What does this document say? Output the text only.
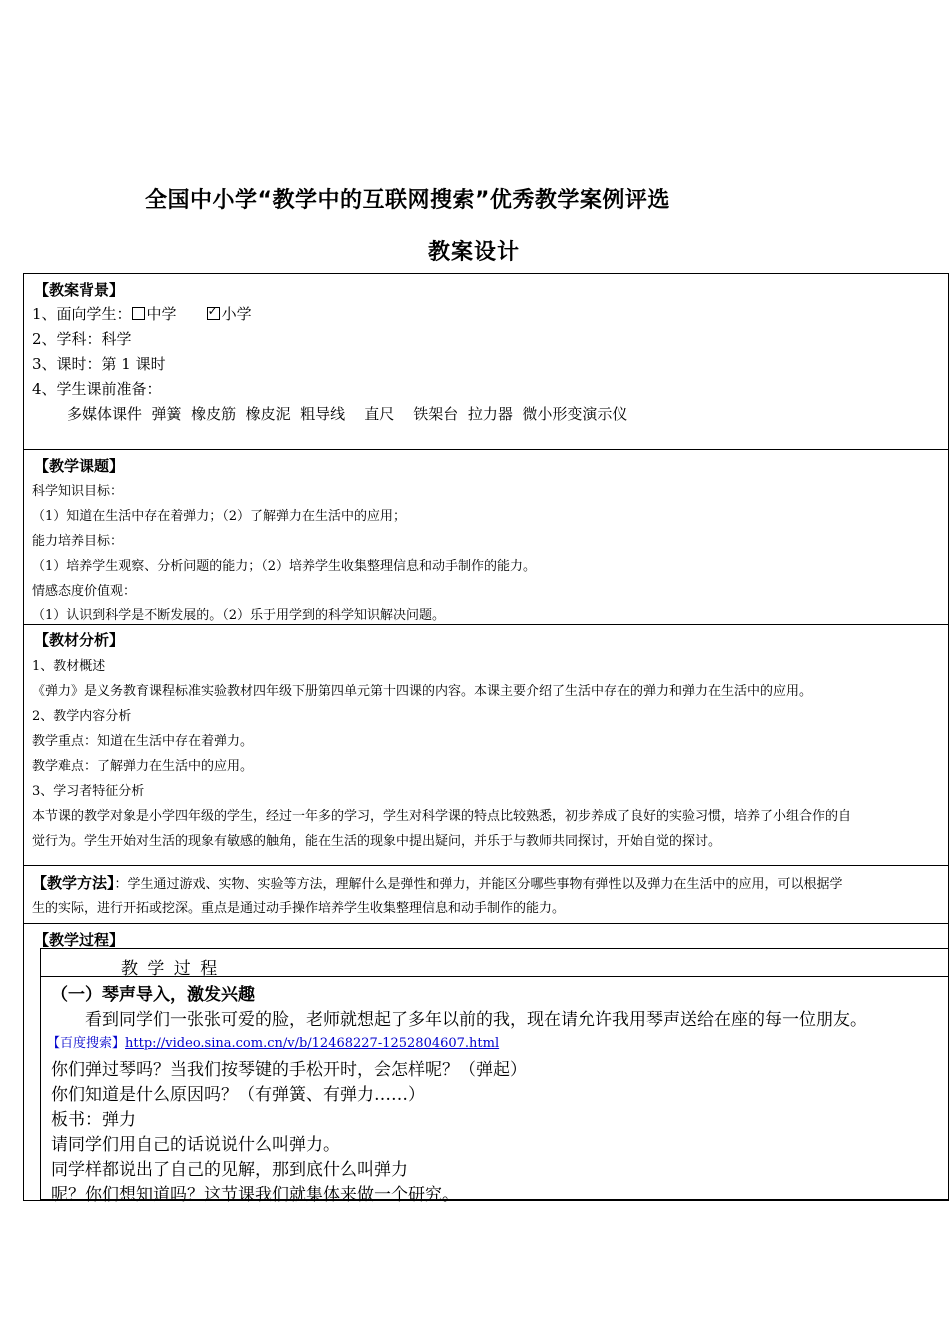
全国中小学“教学中的互联网搜索”优秀教学案例评选
教案设计
【教案背景】
1、面向学生： 中学	✓ 小学
2、学科：科学
3、课时：第 1 课时
4、学生课前准备：
多媒体课件  弹簧  橡皮筋  橡皮泥  粗导线    直尺    铁架台  拉力器  微小形变演示仪
【教学课题】
科学知识目标：
（1）知道在生活中存在着弹力；（2）了解弹力在生活中的应用；
能力培养目标：
（1）培养学生观察、分析问题的能力；（2）培养学生收集整理信息和动手制作的能力。
情感态度价值观：
（1）认识到科学是不断发展的。（2）乐于用学到的科学知识解决问题。
【教材分析】
1、教材概述
《弹力》是义务教育课程标准实验教材四年级下册第四单元第十四课的内容。本课主要介绍了生活中存在的弹力和弹力在生活中的应用。
2、教学内容分析
教学重点：知道在生活中存在着弹力。
教学难点：了解弹力在生活中的应用。
3、学习者特征分析
本节课的教学对象是小学四年级的学生，经过一年多的学习，学生对科学课的特点比较熟悉，初步养成了良好的实验习惯，培养了小组合作的自
觉行为。学生开始对生活的现象有敏感的触角，能在生活的现象中提出疑问，并乐于与教师共同探讨，开始自觉的探讨。
【教学方法】：学生通过游戏、实物、实验等方法，理解什么是弹性和弹力，并能区分哪些事物有弹性以及弹力在生活中的应用，可以根据学
生的实际，进行开拓或挖深。重点是通过动手操作培养学生收集整理信息和动手制作的能力。
【教学过程】
教 学 过 程
（一）琴声导入，激发兴趣
看到同学们一张张可爱的脸，老师就想起了多年以前的我，现在请允许我用琴声送给在座的每一位朋友。
【百度搜索】http://video.sina.com.cn/v/b/12468227-1252804607.html
你们弹过琴吗？当我们按琴键的手松开时，会怎样呢？（弹起）
你们知道是什么原因吗？（有弹簧、有弹力……）
板书：弹力
请同学们用自己的话说说什么叫弹力。
同学样都说出了自己的见解，那到底什么叫弹力
呢？你们想知道吗？这节课我们就集体来做一个研究。
